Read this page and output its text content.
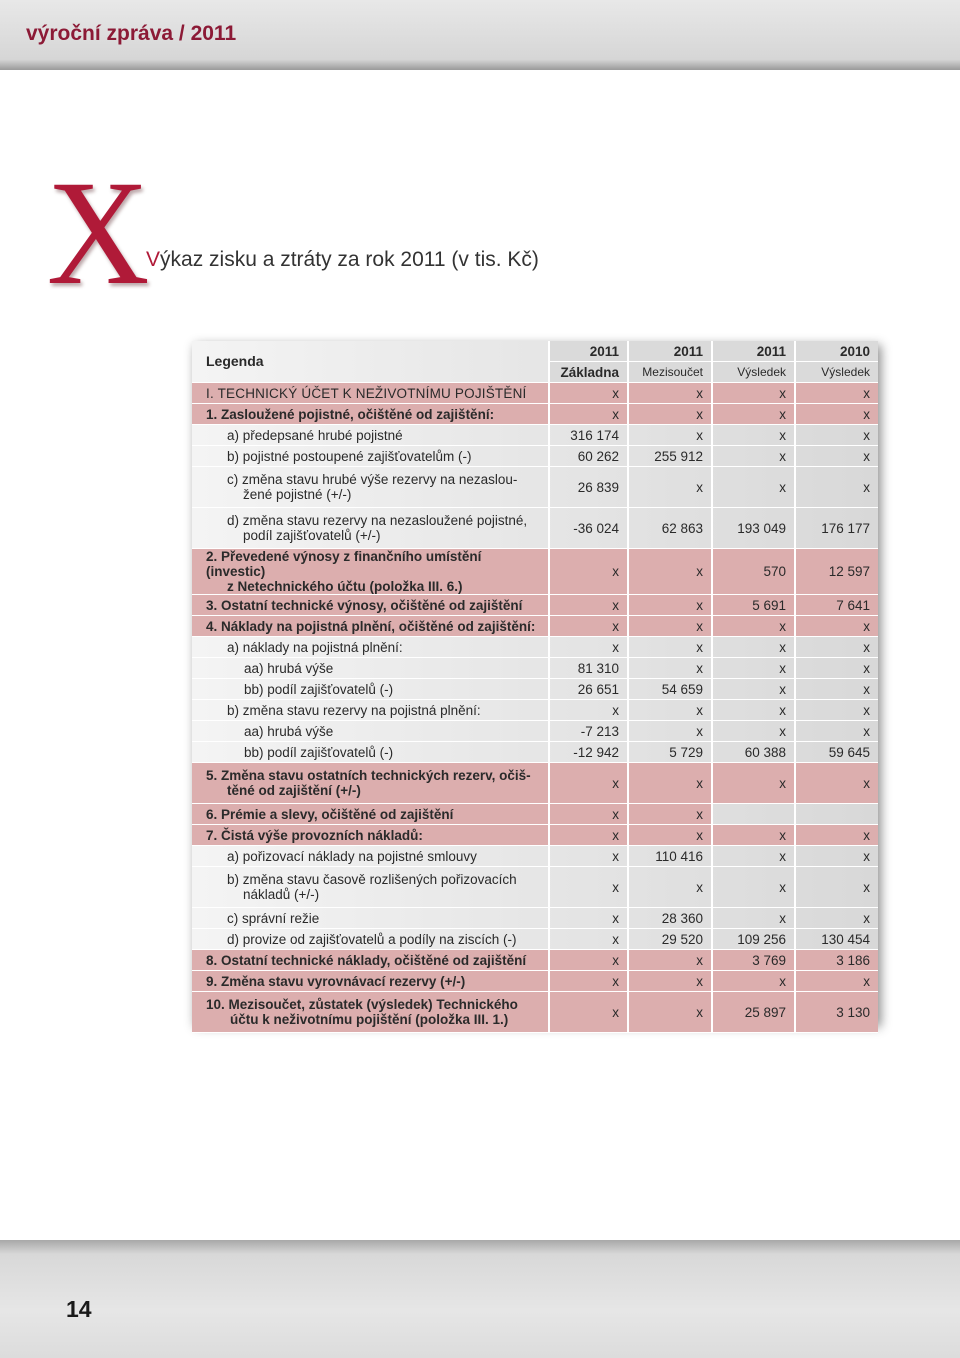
výroční zpráva / 2011
X
Výkaz zisku a ztráty za rok 2011 (v tis. Kč)
Legenda	2011	2011	2011	2010
	Základna	Mezisoučet	Výsledek	Výsledek
I. TECHNICKÝ ÚČET K NEŽIVOTNÍMU POJIŠTĚNÍ	x	x	x	x
1. Zasloužené pojistné, očištěné od zajištění:	x	x	x	x
a) předepsané hrubé pojistné	316 174	x	x	x
b) pojistné postoupené zajišťovatelům (-)	60 262	255 912	x	x

c) změna stavu hrubé výše rezervy na nezaslou-
žené pojistné (+/-)	26 839	x	x	x

d) změna stavu rezervy na nezasloužené pojistné,
podíl zajišťovatelů (+/-)	-36 024	62 863	193 049	176 177

2. Převedené výnosy z finančního umístění (investic)
z Netechnického účtu (položka III. 6.)	x	x	570	12 597
3. Ostatní technické výnosy, očištěné od zajištění	x	x	5 691	7 641
4. Náklady na pojistná plnění, očištěné od zajištění:	x	x	x	x
a) náklady na pojistná plnění:	x	x	x	x
aa) hrubá výše	81 310	x	x	x
bb) podíl zajišťovatelů (-)	26 651	54 659	x	x
b) změna stavu rezervy na pojistná plnění:	x	x	x	x
aa) hrubá výše	-7 213	x	x	x
bb) podíl zajišťovatelů (-)	-12 942	5 729	60 388	59 645

5. Změna stavu ostatních technických rezerv, očiš-
těné od zajištění (+/-)	x	x	x	x
6. Prémie a slevy, očištěné od zajištění	x	x		
7. Čistá výše provozních nákladů:	x	x	x	x
a) pořizovací náklady na pojistné smlouvy	x	110 416	x	x

b) změna stavu časově rozlišených pořizovacích
nákladů (+/-)	x	x	x	x
c) správní režie	x	28 360	x	x
d) provize od zajišťovatelů a podíly na ziscích (-)	x	29 520	109 256	130 454
8. Ostatní technické náklady, očištěné od zajištění	x	x	3 769	3 186
9. Změna stavu vyrovnávací rezervy (+/-)	x	x	x	x

10. Mezisoučet, zůstatek (výsledek) Technického
účtu k neživotnímu pojištění (položka III. 1.)	x	x	25 897	3 130
14
